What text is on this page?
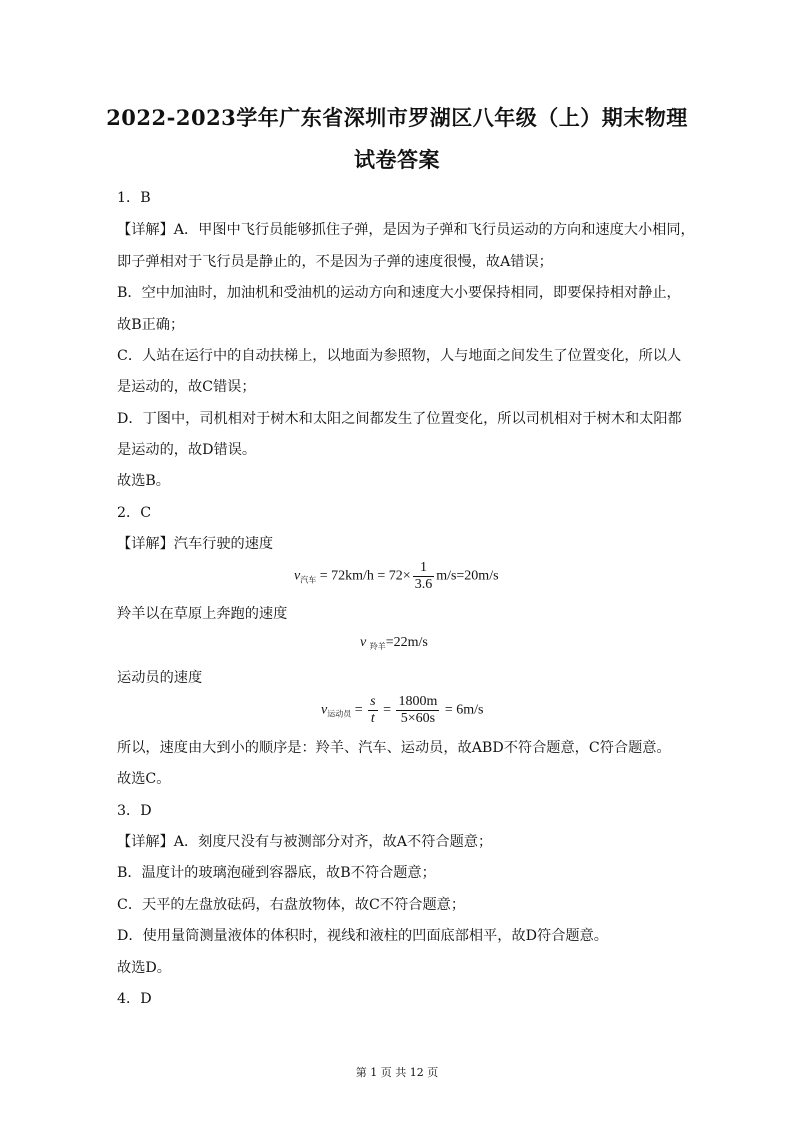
2022-2023学年广东省深圳市罗湖区八年级（上）期末物理
试卷答案
1．B
【详解】A．甲图中飞行员能够抓住子弹，是因为子弹和飞行员运动的方向和速度大小相同，
即子弹相对于飞行员是静止的，不是因为子弹的速度很慢，故A错误；
B．空中加油时，加油机和受油机的运动方向和速度大小要保持相同，即要保持相对静止，
故B正确；
C．人站在运行中的自动扶梯上，以地面为参照物，人与地面之间发生了位置变化，所以人
是运动的，故C错误；
D．丁图中，司机相对于树木和太阳之间都发生了位置变化，所以司机相对于树木和太阳都
是运动的，故D错误。
故选B。
2．C
【详解】汽车行驶的速度
$v_{汽车} = 72km/h = 72\times \frac{1}{3.6} m/s=20m/s$
羚羊以在草原上奔跑的速度
v $_{羚羊}$=22m/s
运动员的速度
$v_{运动员} = \frac{s}{t} = \frac{1800m}{5\times 60s} = 6m/s$
所以，速度由大到小的顺序是：羚羊、汽车、运动员，故ABD不符合题意，C符合题意。
故选C。
3．D
【详解】A．刻度尺没有与被测部分对齐，故A不符合题意；
B．温度计的玻璃泡碰到容器底，故B不符合题意；
C．天平的左盘放砝码，右盘放物体，故C不符合题意；
D．使用量筒测量液体的体积时，视线和液柱的凹面底部相平，故D符合题意。
故选D。
4．D
第 1 页 共 12 页
